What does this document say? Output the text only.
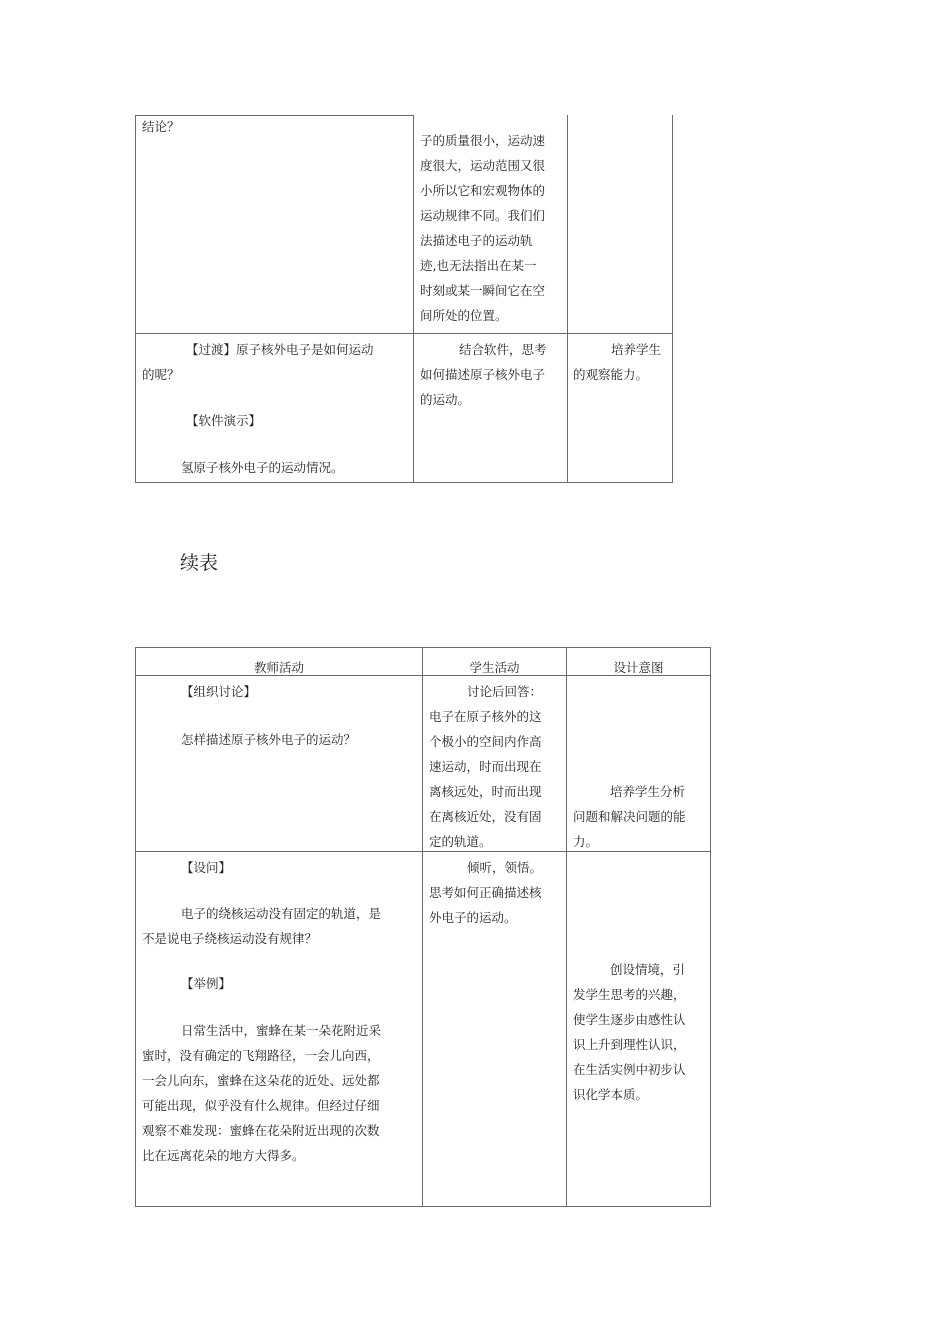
结论？
子的质量很小，运动速
度很大，运动范围又很
小所以它和宏观物体的
运动规律不同。我们们
法描述电子的运动轨
迹,也无法指出在某一
时刻或某一瞬间它在空
间所处的位置。
【过渡】原子核外电子是如何运动
的呢？
【软件演示】
氢原子核外电子的运动情况。
结合软件，思考
如何描述原子核外电子
的运动。
培养学生
的观察能力。
续表
教师活动	学生活动	设计意图
【组织讨论】
怎样描述原子核外电子的运动？
讨论后回答：
电子在原子核外的这
个极小的空间内作高
速运动，时而出现在
离核远处，时而出现
在离核近处，没有固
定的轨道。
培养学生分析
问题和解决问题的能
力。
【设问】
电子的绕核运动没有固定的轨道，是
不是说电子绕核运动没有规律？
【举例】
日常生活中，蜜蜂在某一朵花附近采
蜜时，没有确定的飞翔路径，一会儿向西，
一会儿向东，蜜蜂在这朵花的近处、远处都
可能出现，似乎没有什么规律。但经过仔细
观察不难发现：蜜蜂在花朵附近出现的次数
比在远离花朵的地方大得多。
倾听，领悟。
思考如何正确描述核
外电子的运动。
创设情境，引
发学生思考的兴趣，
使学生逐步由感性认
识上升到理性认识，
在生活实例中初步认
识化学本质。
